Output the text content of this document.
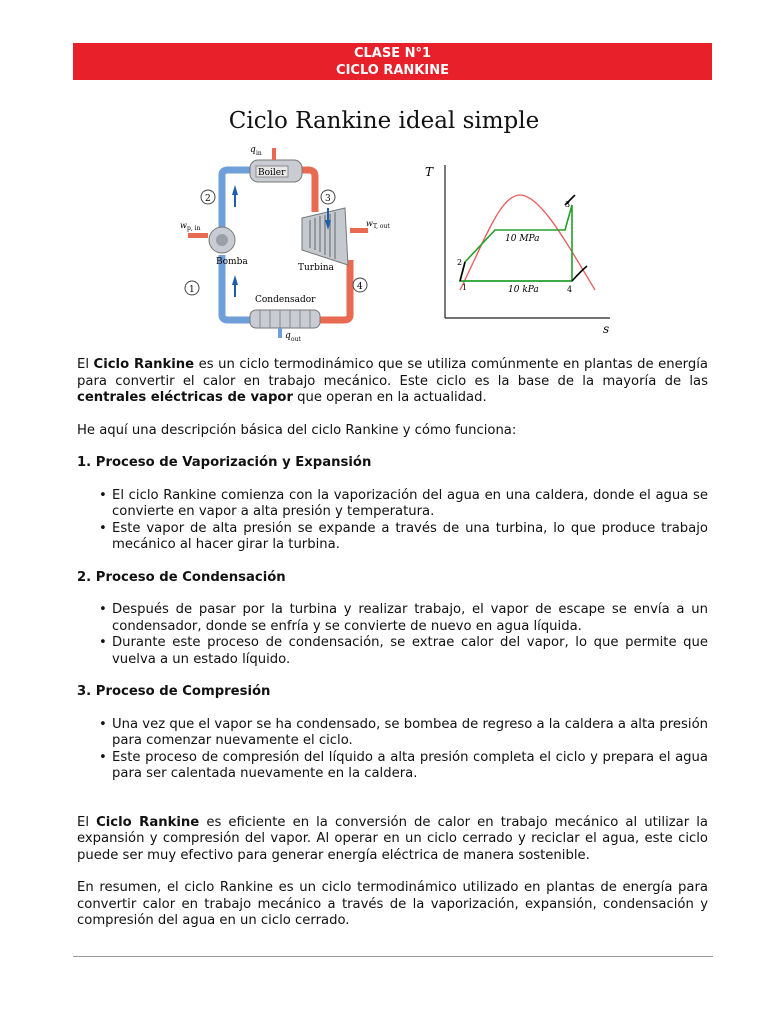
CLASE N°1
CICLO RANKINE
Ciclo Rankine ideal simple
Boiler
q in
Bomba
w p, in
Turbina
w T, out
Condensador
q out
2	3
1	4
T
s
1
2
3
4
10 MPa
10 kPa

El Ciclo Rankine es un ciclo termodinámico que se utiliza comúnmente en plantas de energía para convertir el calor en trabajo mecánico. Este ciclo es la base de la mayoría de las centrales eléctricas de vapor que operan en la actualidad.

He aquí una descripción básica del ciclo Rankine y cómo funciona:

1. Proceso de Vaporización y Expansión
• El ciclo Rankine comienza con la vaporización del agua en una caldera, donde el agua se convierte en vapor a alta presión y temperatura.
• Este vapor de alta presión se expande a través de una turbina, lo que produce trabajo mecánico al hacer girar la turbina.
2. Proceso de Condensación
• Después de pasar por la turbina y realizar trabajo, el vapor de escape se envía a un condensador, donde se enfría y se convierte de nuevo en agua líquida.
• Durante este proceso de condensación, se extrae calor del vapor, lo que permite que vuelva a un estado líquido.
3. Proceso de Compresión
• Una vez que el vapor se ha condensado, se bombea de regreso a la caldera a alta presión para comenzar nuevamente el ciclo.
• Este proceso de compresión del líquido a alta presión completa el ciclo y prepara el agua para ser calentada nuevamente en la caldera.

El Ciclo Rankine es eficiente en la conversión de calor en trabajo mecánico al utilizar la expansión y compresión del vapor. Al operar en un ciclo cerrado y reciclar el agua, este ciclo puede ser muy efectivo para generar energía eléctrica de manera sostenible.

En resumen, el ciclo Rankine es un ciclo termodinámico utilizado en plantas de energía para convertir calor en trabajo mecánico a través de la vaporización, expansión, condensación y compresión del agua en un ciclo cerrado.
